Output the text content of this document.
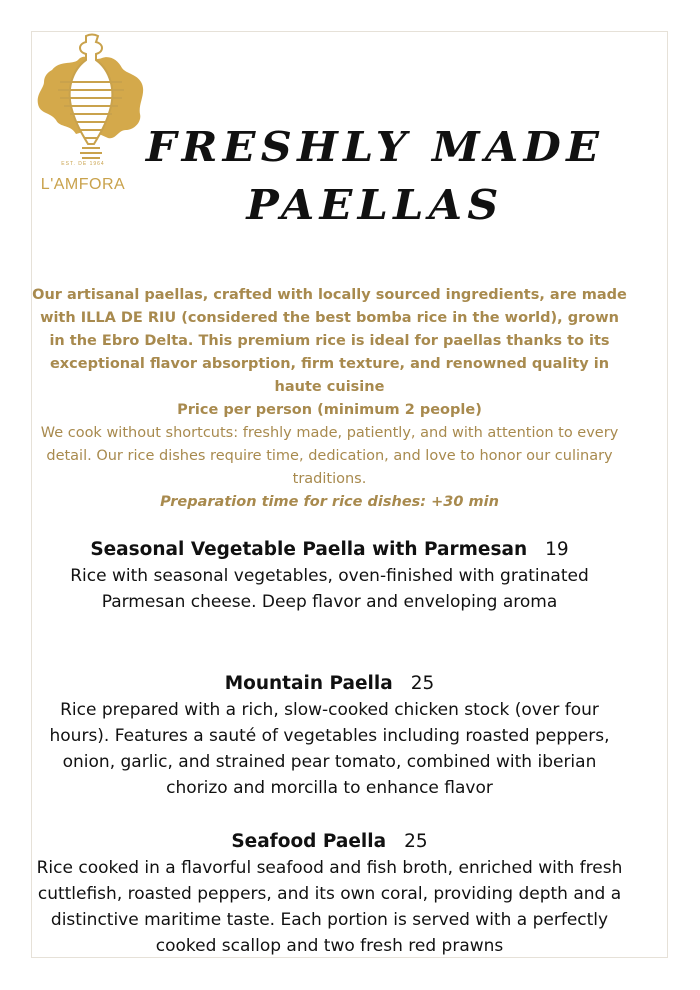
EST. DE 1964
L'AMFORA
FRESHLY MADE
PAELLAS

Our artisanal paellas, crafted with locally sourced ingredients, are made with ILLA DE RIU (considered the best bomba rice in the world), grown in the Ebro Delta. This premium rice is ideal for paellas thanks to its exceptional flavor absorption, firm texture, and renowned quality in haute cuisine

Price per person (minimum 2 people)

We cook without shortcuts: freshly made, patiently, and with attention to every detail. Our rice dishes require time, dedication, and love to honor our culinary traditions.

Preparation time for rice dishes: +30 min

Seasonal Vegetable Paella with Parmesan 19
Rice with seasonal vegetables, oven-finished with gratinated Parmesan cheese. Deep flavor and enveloping aroma
Mountain Paella 25
Rice prepared with a rich, slow-cooked chicken stock (over four hours). Features a sauté of vegetables including roasted peppers, onion, garlic, and strained pear tomato, combined with iberian chorizo and morcilla to enhance flavor
Seafood Paella 25
Rice cooked in a flavorful seafood and fish broth, enriched with fresh cuttlefish, roasted peppers, and its own coral, providing depth and a distinctive maritime taste. Each portion is served with a perfectly cooked scallop and two fresh red prawns
